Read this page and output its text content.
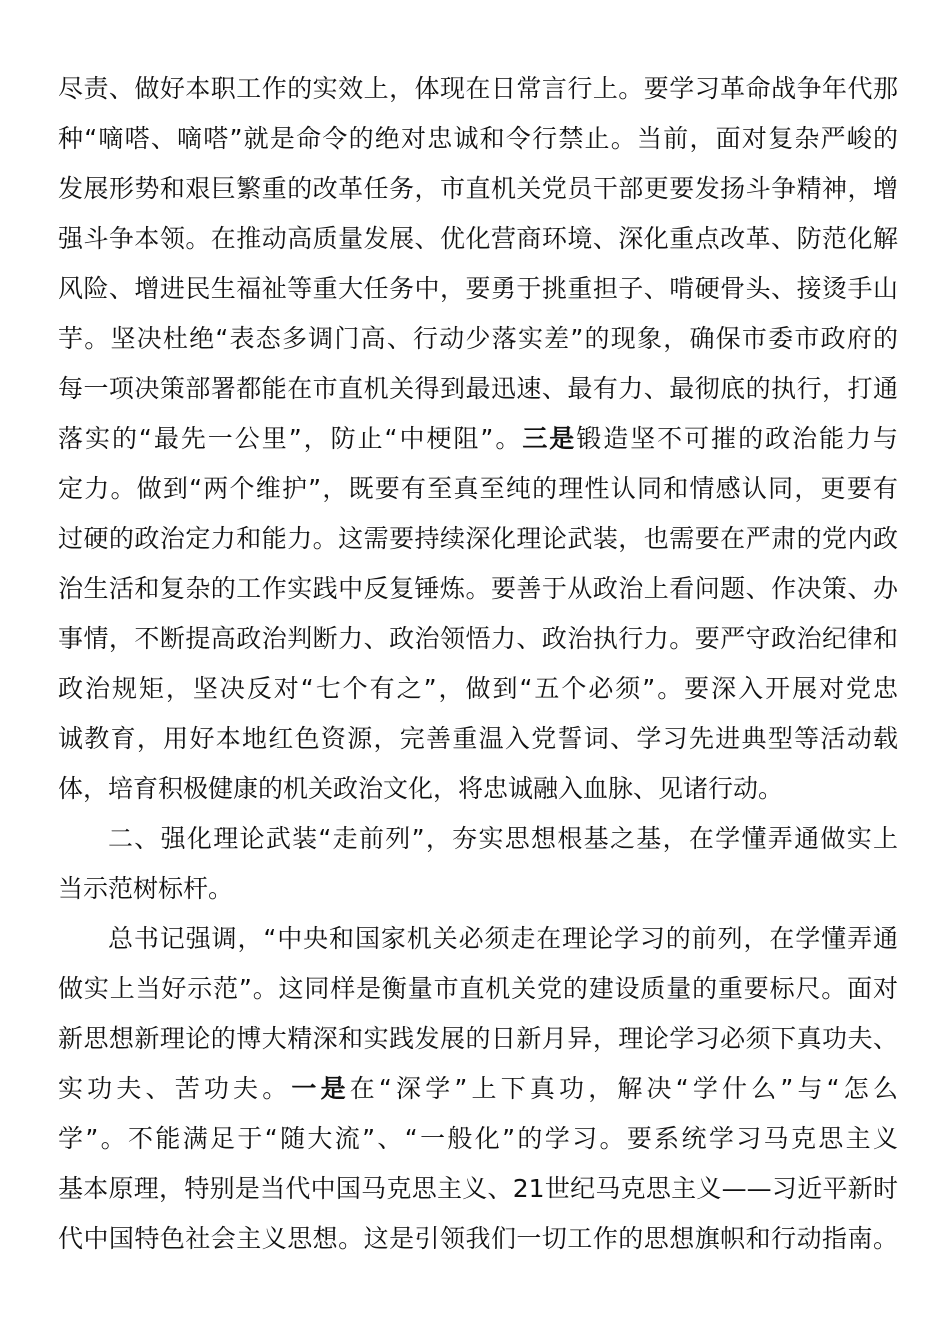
尽责、做好本职工作的实效上，体现在日常言行上。要学习革命战争年代那
种“嘀嗒、嘀嗒”就是命令的绝对忠诚和令行禁止。当前，面对复杂严峻的
发展形势和艰巨繁重的改革任务，市直机关党员干部更要发扬斗争精神，增
强斗争本领。在推动高质量发展、优化营商环境、深化重点改革、防范化解
风险、增进民生福祉等重大任务中，要勇于挑重担子、啃硬骨头、接烫手山
芋。坚决杜绝“表态多调门高、行动少落实差”的现象，确保市委市政府的
每一项决策部署都能在市直机关得到最迅速、最有力、最彻底的执行，打通
落实的“最先一公里”，防止“中梗阻”。三是锻造坚不可摧的政治能力与
定力。做到“两个维护”，既要有至真至纯的理性认同和情感认同，更要有
过硬的政治定力和能力。这需要持续深化理论武装，也需要在严肃的党内政
治生活和复杂的工作实践中反复锤炼。要善于从政治上看问题、作决策、办
事情，不断提高政治判断力、政治领悟力、政治执行力。要严守政治纪律和
政治规矩，坚决反对“七个有之”，做到“五个必须”。要深入开展对党忠
诚教育，用好本地红色资源，完善重温入党誓词、学习先进典型等活动载
体，培育积极健康的机关政治文化，将忠诚融入血脉、见诸行动。
二、强化理论武装“走前列”，夯实思想根基之基，在学懂弄通做实上
当示范树标杆。
总书记强调，“中央和国家机关必须走在理论学习的前列，在学懂弄通
做实上当好示范”。这同样是衡量市直机关党的建设质量的重要标尺。面对
新思想新理论的博大精深和实践发展的日新月异，理论学习必须下真功夫、
实功夫、苦功夫。一是在“深学”上下真功，解决“学什么”与“怎么
学”。不能满足于“随大流”、“一般化”的学习。要系统学习马克思主义
基本原理，特别是当代中国马克思主义、21世纪马克思主义——习近平新时
代中国特色社会主义思想。这是引领我们一切工作的思想旗帜和行动指南。
